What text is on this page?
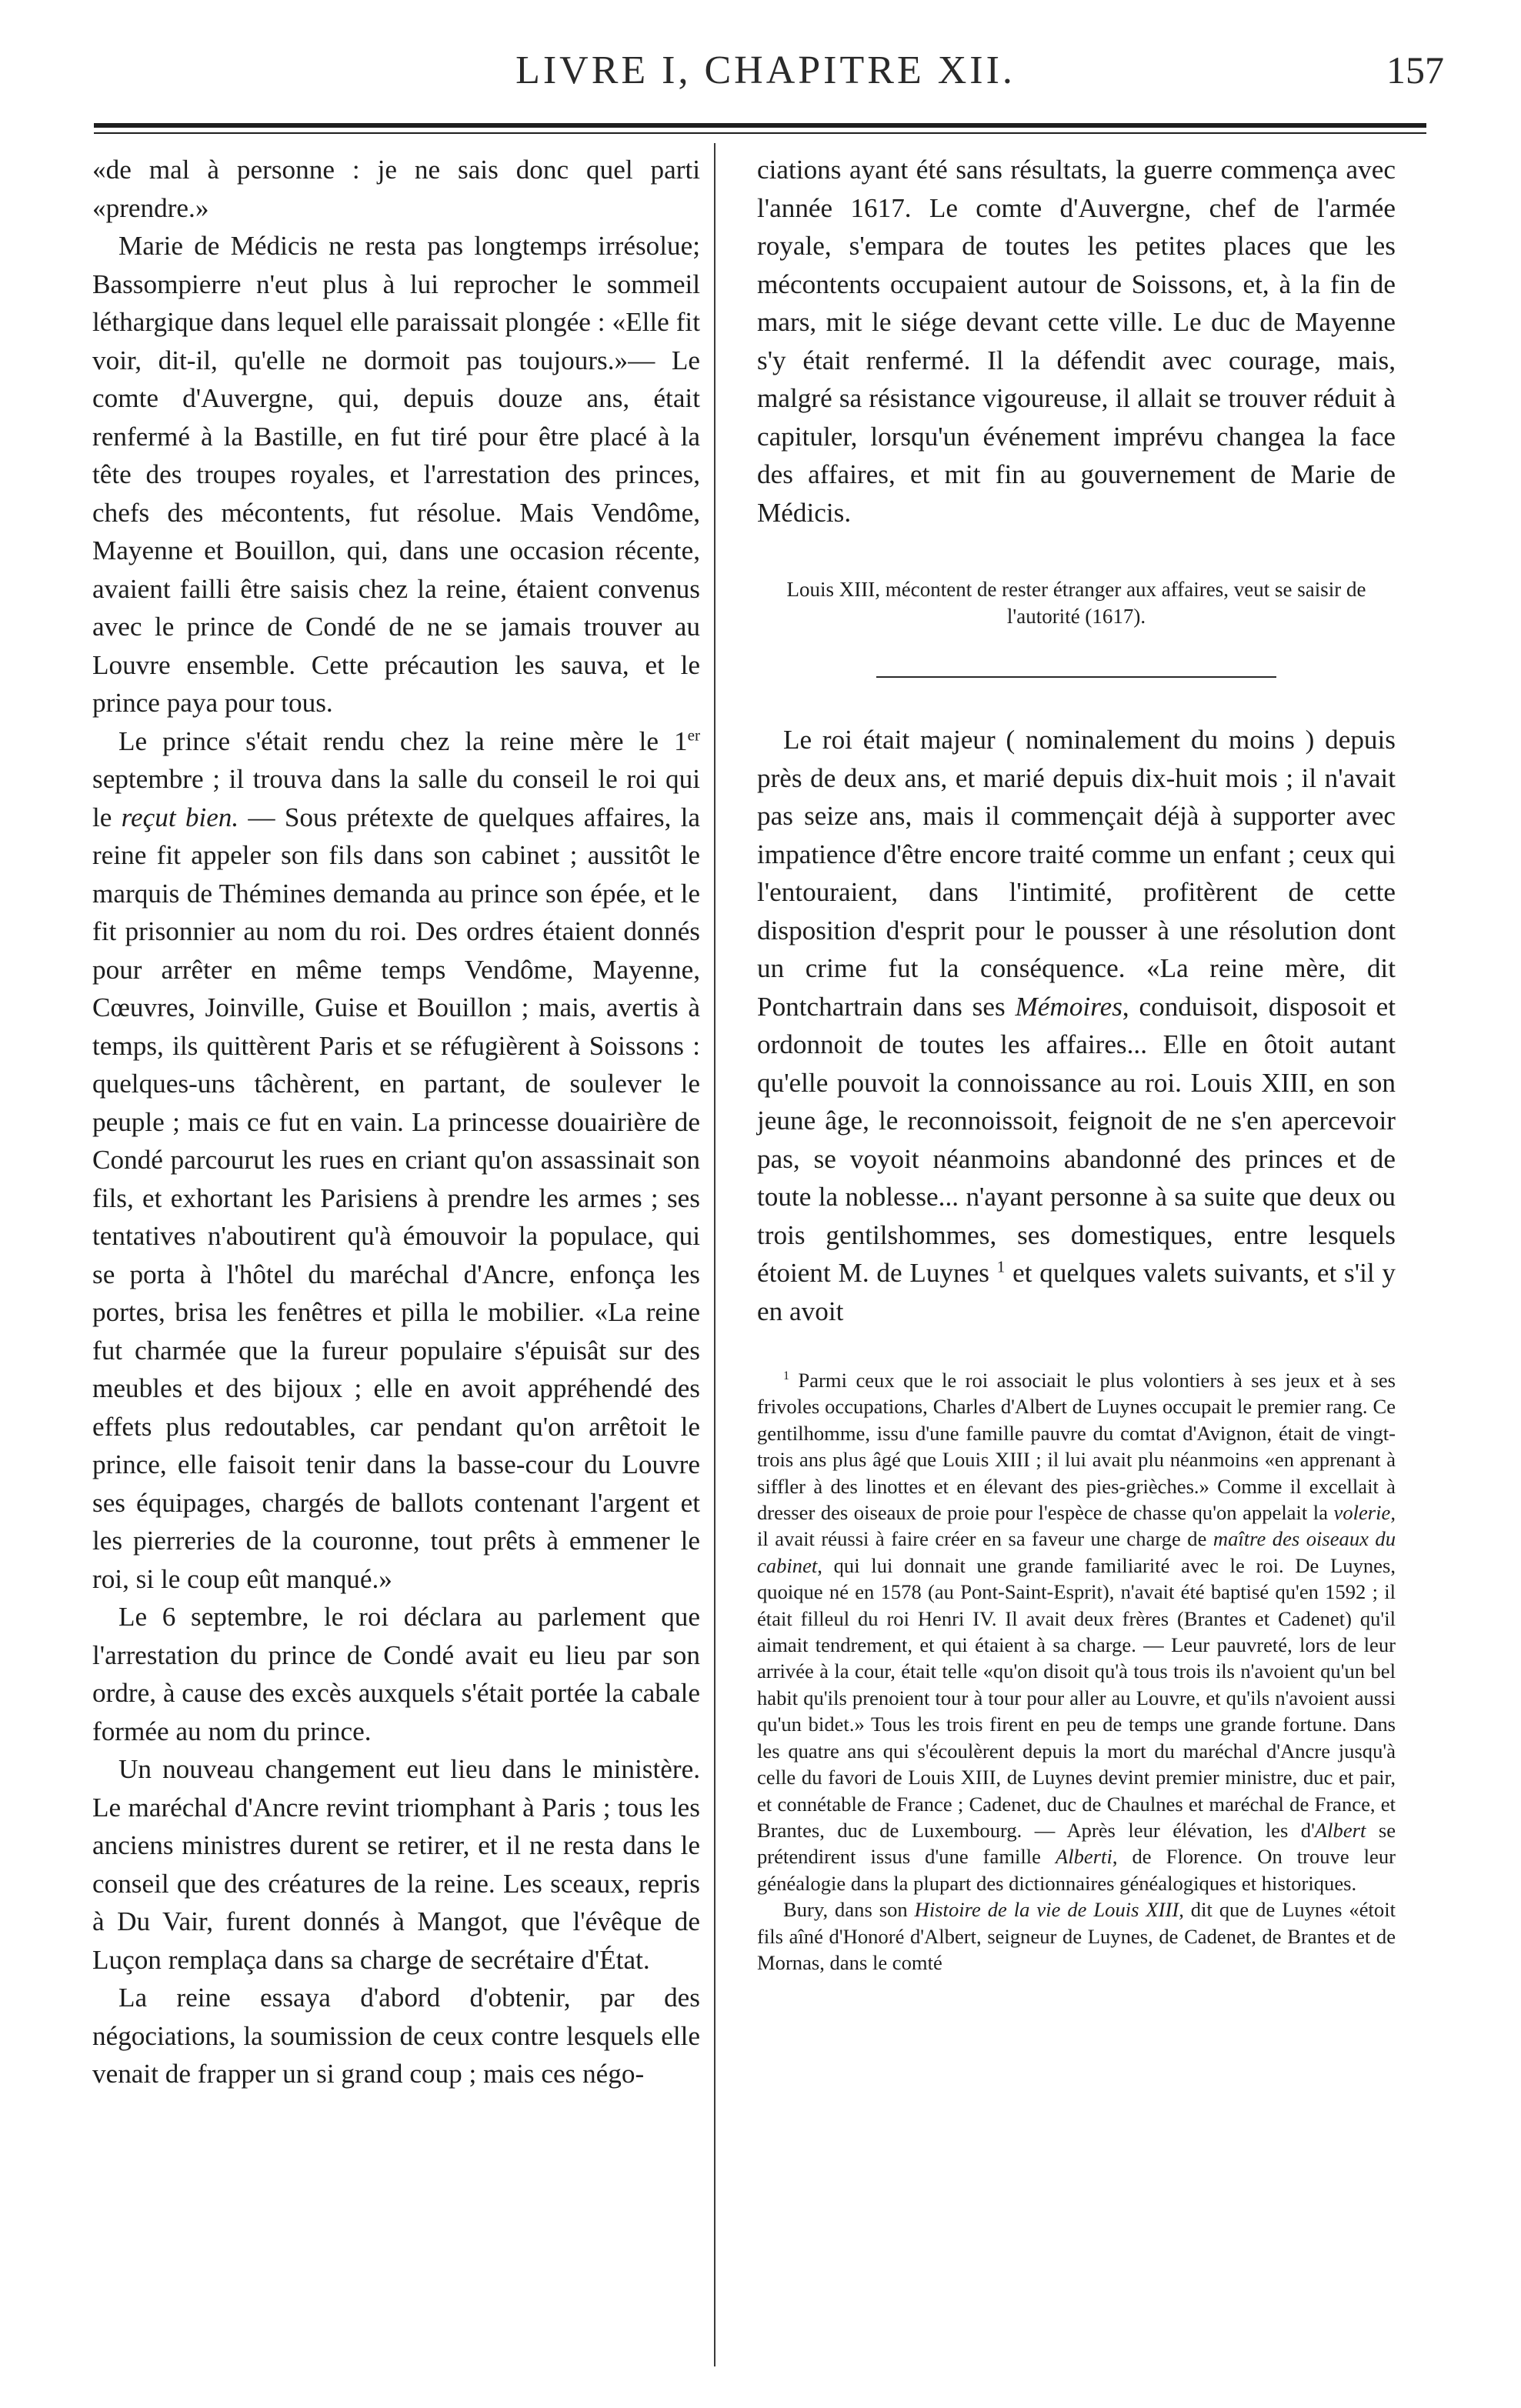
LIVRE I, CHAPITRE XII.	157

«de mal à personne : je ne sais donc quel parti «prendre.»

Marie de Médicis ne resta pas longtemps irrésolue; Bassompierre n'eut plus à lui reprocher le sommeil léthargique dans lequel elle paraissait plongée : «Elle fit voir, dit-il, qu'elle ne dormoit pas toujours.»— Le comte d'Auvergne, qui, depuis douze ans, était renfermé à la Bastille, en fut tiré pour être placé à la tête des troupes royales, et l'arrestation des princes, chefs des mécontents, fut résolue. Mais Vendôme, Mayenne et Bouillon, qui, dans une occasion récente, avaient failli être saisis chez la reine, étaient convenus avec le prince de Condé de ne se jamais trouver au Louvre ensemble. Cette précaution les sauva, et le prince paya pour tous.

Le prince s'était rendu chez la reine mère le 1er septembre ; il trouva dans la salle du conseil le roi qui le reçut bien. — Sous prétexte de quelques affaires, la reine fit appeler son fils dans son cabinet ; aussitôt le marquis de Thémines demanda au prince son épée, et le fit prisonnier au nom du roi. Des ordres étaient donnés pour arrêter en même temps Vendôme, Mayenne, Cœuvres, Joinville, Guise et Bouillon ; mais, avertis à temps, ils quittèrent Paris et se réfugièrent à Soissons : quelques-uns tâchèrent, en partant, de soulever le peuple ; mais ce fut en vain. La princesse douairière de Condé parcourut les rues en criant qu'on assassinait son fils, et exhortant les Parisiens à prendre les armes ; ses tentatives n'aboutirent qu'à émouvoir la populace, qui se porta à l'hôtel du maréchal d'Ancre, enfonça les portes, brisa les fenêtres et pilla le mobilier. «La reine fut charmée que la fureur populaire s'épuisât sur des meubles et des bijoux ; elle en avoit appréhendé des effets plus redoutables, car pendant qu'on arrêtoit le prince, elle faisoit tenir dans la basse-cour du Louvre ses équipages, chargés de ballots contenant l'argent et les pierreries de la couronne, tout prêts à emmener le roi, si le coup eût manqué.»

Le 6 septembre, le roi déclara au parlement que l'arrestation du prince de Condé avait eu lieu par son ordre, à cause des excès auxquels s'était portée la cabale formée au nom du prince.

Un nouveau changement eut lieu dans le ministère. Le maréchal d'Ancre revint triomphant à Paris ; tous les anciens ministres durent se retirer, et il ne resta dans le conseil que des créatures de la reine. Les sceaux, repris à Du Vair, furent donnés à Mangot, que l'évêque de Luçon remplaça dans sa charge de secrétaire d'État.

La reine essaya d'abord d'obtenir, par des négociations, la soumission de ceux contre lesquels elle venait de frapper un si grand coup ; mais ces négo-

ciations ayant été sans résultats, la guerre commença avec l'année 1617. Le comte d'Auvergne, chef de l'armée royale, s'empara de toutes les petites places que les mécontents occupaient autour de Soissons, et, à la fin de mars, mit le siége devant cette ville. Le duc de Mayenne s'y était renfermé. Il la défendit avec courage, mais, malgré sa résistance vigoureuse, il allait se trouver réduit à capituler, lorsqu'un événement imprévu changea la face des affaires, et mit fin au gouvernement de Marie de Médicis.

Louis XIII, mécontent de rester étranger aux affaires, veut se saisir de l'autorité (1617).

Le roi était majeur ( nominalement du moins ) depuis près de deux ans, et marié depuis dix-huit mois ; il n'avait pas seize ans, mais il commençait déjà à supporter avec impatience d'être encore traité comme un enfant ; ceux qui l'entouraient, dans l'intimité, profitèrent de cette disposition d'esprit pour le pousser à une résolution dont un crime fut la conséquence. «La reine mère, dit Pontchartrain dans ses Mémoires, conduisoit, disposoit et ordonnoit de toutes les affaires... Elle en ôtoit autant qu'elle pouvoit la connoissance au roi. Louis XIII, en son jeune âge, le reconnoissoit, feignoit de ne s'en apercevoir pas, se voyoit néanmoins abandonné des princes et de toute la noblesse... n'ayant personne à sa suite que deux ou trois gentilshommes, ses domestiques, entre lesquels étoient M. de Luynes $^1$ et quelques valets suivants, et s'il y en avoit

$^1$ Parmi ceux que le roi associait le plus volontiers à ses jeux et à ses frivoles occupations, Charles d'Albert de Luynes occupait le premier rang. Ce gentilhomme, issu d'une famille pauvre du comtat d'Avignon, était de vingt-trois ans plus âgé que Louis XIII ; il lui avait plu néanmoins «en apprenant à siffler à des linottes et en élevant des pies-grièches.» Comme il excellait à dresser des oiseaux de proie pour l'espèce de chasse qu'on appelait la volerie, il avait réussi à faire créer en sa faveur une charge de maître des oiseaux du cabinet, qui lui donnait une grande familiarité avec le roi. De Luynes, quoique né en 1578 (au Pont-Saint-Esprit), n'avait été baptisé qu'en 1592 ; il était filleul du roi Henri IV. Il avait deux frères (Brantes et Cadenet) qu'il aimait tendrement, et qui étaient à sa charge. — Leur pauvreté, lors de leur arrivée à la cour, était telle «qu'on disoit qu'à tous trois ils n'avoient qu'un bel habit qu'ils prenoient tour à tour pour aller au Louvre, et qu'ils n'avoient aussi qu'un bidet.» Tous les trois firent en peu de temps une grande fortune. Dans les quatre ans qui s'écoulèrent depuis la mort du maréchal d'Ancre jusqu'à celle du favori de Louis XIII, de Luynes devint premier ministre, duc et pair, et connétable de France ; Cadenet, duc de Chaulnes et maréchal de France, et Brantes, duc de Luxembourg. — Après leur élévation, les d'Albert se prétendirent issus d'une famille Alberti, de Florence. On trouve leur généalogie dans la plupart des dictionnaires généalogiques et historiques.

Bury, dans son Histoire de la vie de Louis XIII, dit que de Luynes «étoit fils aîné d'Honoré d'Albert, seigneur de Luynes, de Cadenet, de Brantes et de Mornas, dans le comté
